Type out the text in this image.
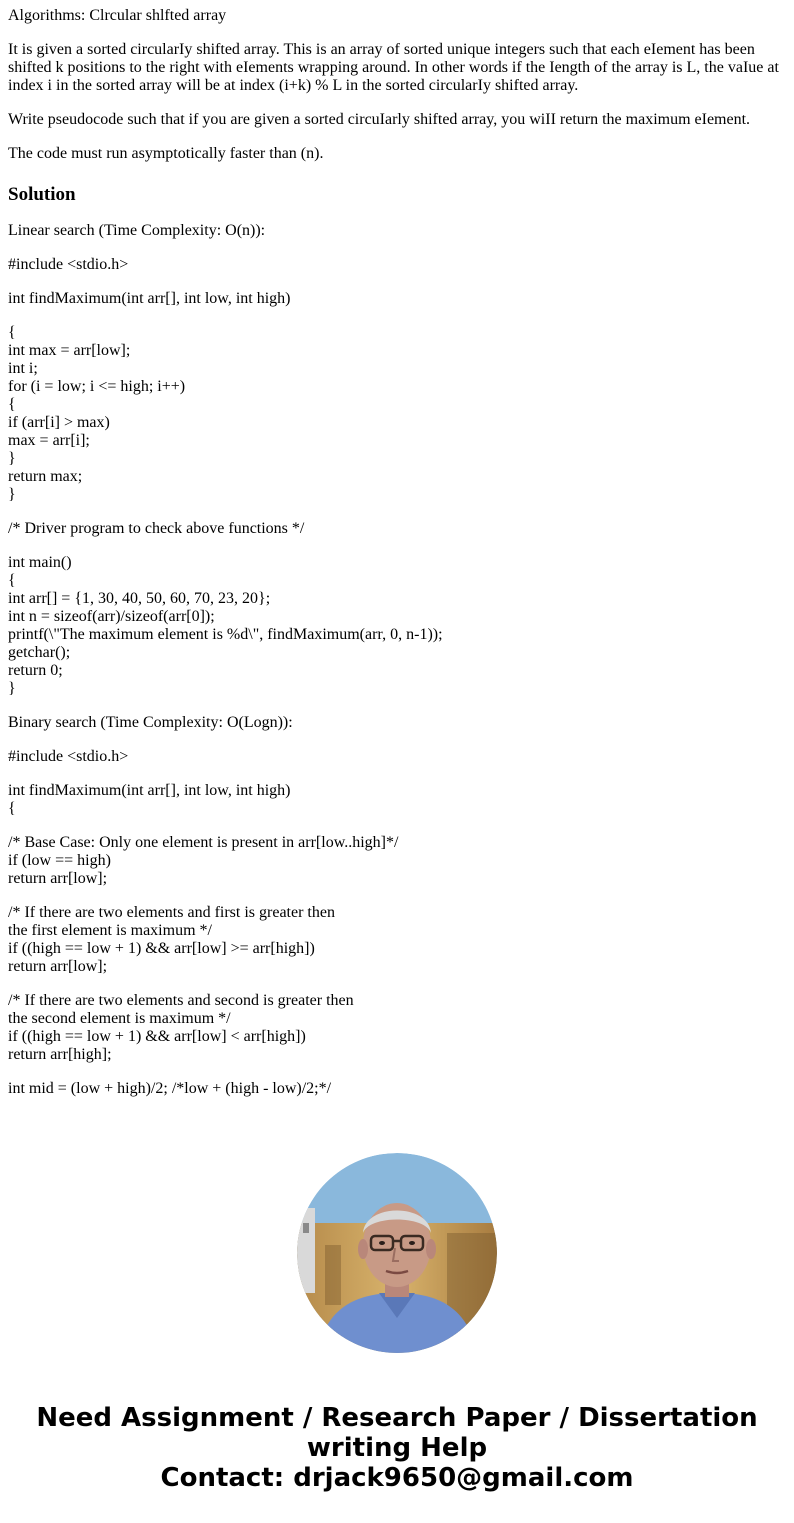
Algorithms: Clrcular shlfted array
It is given a sorted circularIy shifted array. This is an array of sorted unique integers such that each eIement has been shifted k positions to the right with eIements wrapping around. In other words if the Iength of the array is L, the vaIue at index i in the sorted array will be at index (i+k) % L in the sorted circularIy shifted array.
Write pseudocode such that if you are given a sorted circuIarly shifted array, you wiII return the maximum eIement.
The code must run asymptotically faster than (n).
Solution
Linear search (Time Complexity: O(n)):
#include <stdio.h>
int findMaximum(int arr[], int low, int high)
{
int max = arr[low];
int i;
for (i = low; i <= high; i++)
{
if (arr[i] > max)
max = arr[i];
}
return max;
}
/* Driver program to check above functions */
int main()
{
int arr[] = {1, 30, 40, 50, 60, 70, 23, 20};
int n = sizeof(arr)/sizeof(arr[0]);
printf(\"The maximum element is %d\", findMaximum(arr, 0, n-1));
getchar();
return 0;
}
Binary search (Time Complexity: O(Logn)):
#include <stdio.h>
int findMaximum(int arr[], int low, int high)
{
/* Base Case: Only one element is present in arr[low..high]*/
if (low == high)
return arr[low];
/* If there are two elements and first is greater then
the first element is maximum */
if ((high == low + 1) && arr[low] >= arr[high])
return arr[low];
/* If there are two elements and second is greater then
the second element is maximum */
if ((high == low + 1) && arr[low] < arr[high])
return arr[high];
int mid = (low + high)/2; /*low + (high - low)/2;*/
Need Assignment / Research Paper / Dissertation
writing Help
Contact: drjack9650@gmail.com
